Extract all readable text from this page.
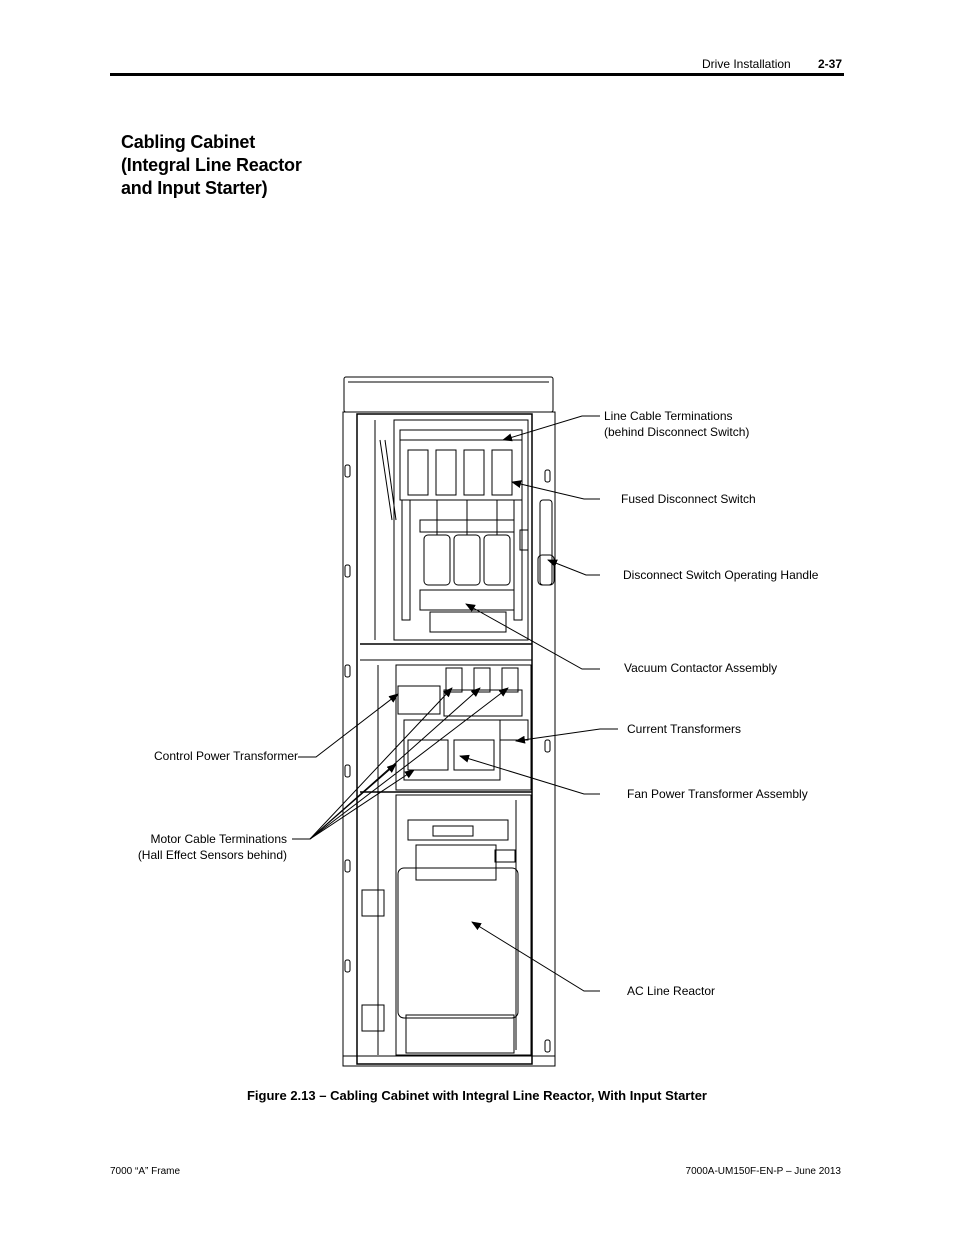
Drive Installation 2-37
Cabling Cabinet
(Integral Line Reactor
and Input Starter)
Line Cable Terminations
(behind Disconnect Switch)
Fused Disconnect Switch
Disconnect Switch Operating Handle
Vacuum Contactor Assembly
Current Transformers
Control Power Transformer
Fan Power Transformer Assembly
Motor Cable Terminations
(Hall Effect Sensors behind)
AC Line Reactor
Figure 2.13 – Cabling Cabinet with Integral Line Reactor, With Input Starter
7000 “A” Frame	7000A-UM150F-EN-P – June 2013
